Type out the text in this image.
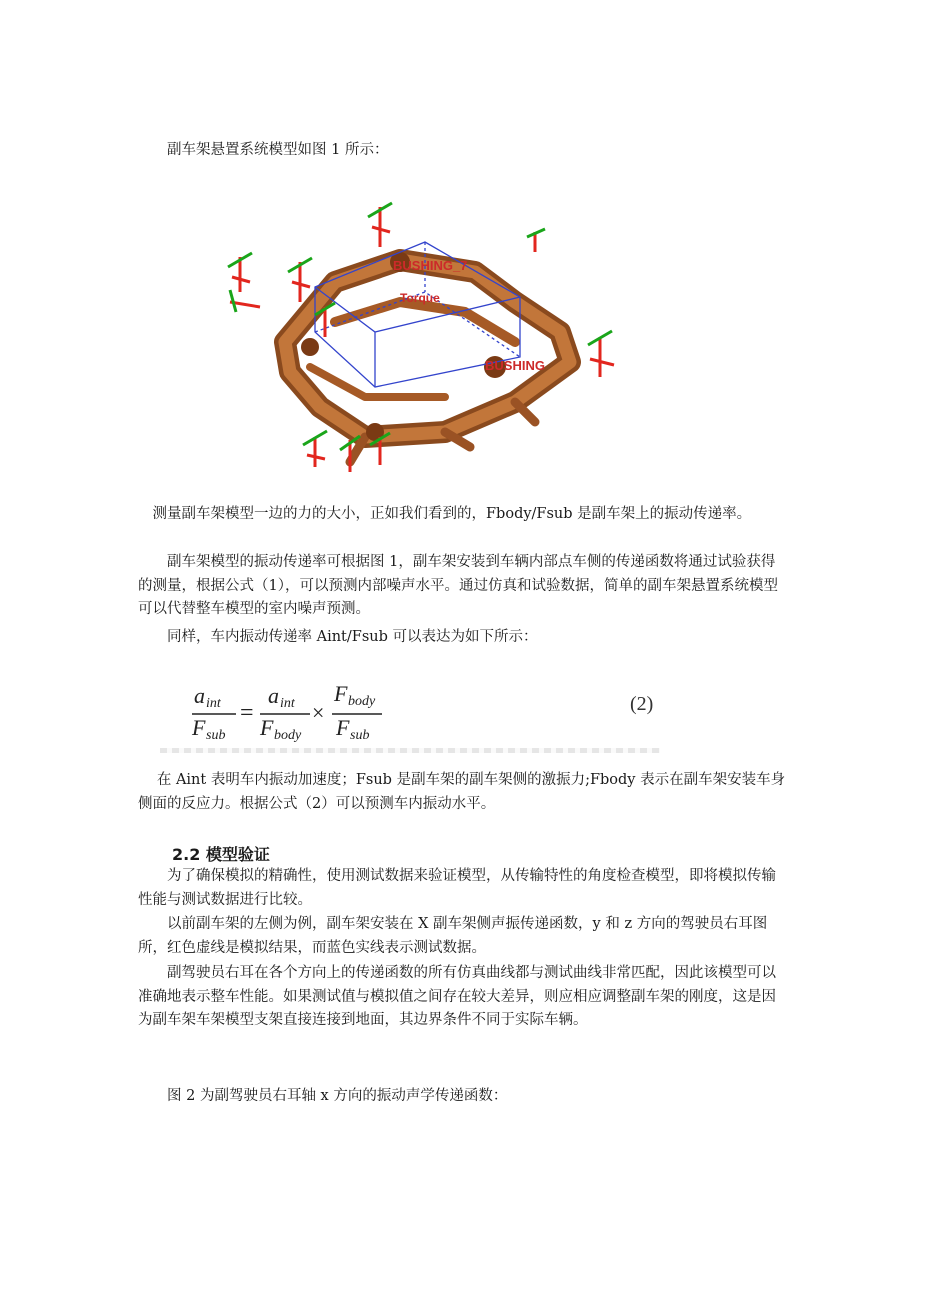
副车架悬置系统模型如图 1 所示：

BUSHING_7
Torque
BUSHING

测量副车架模型一边的力的大小，正如我们看到的，Fbody/Fsub 是副车架上的振动传递率。

副车架模型的振动传递率可根据图 1，副车架安装到车辆内部点车侧的传递函数将通过试验获得的测量，根据公式（1），可以预测内部噪声水平。通过仿真和试验数据，简单的副车架悬置系统模型可以代替整车模型的室内噪声预测。

同样，车内振动传递率 Aint/Fsub 可以表达为如下所示：

a int
F sub
=
a int
F body
×
F body
F sub
(2)

在 Aint 表明车内振动加速度；Fsub 是副车架的副车架侧的激振力;Fbody 表示在副车架安装车身侧面的反应力。根据公式（2）可以预测车内振动水平。

2.2 模型验证

为了确保模拟的精确性，使用测试数据来验证模型，从传输特性的角度检查模型，即将模拟传输性能与测试数据进行比较。

以前副车架的左侧为例，副车架安装在 X 副车架侧声振传递函数，y 和 z 方向的驾驶员右耳图所，红色虚线是模拟结果，而蓝色实线表示测试数据。

副驾驶员右耳在各个方向上的传递函数的所有仿真曲线都与测试曲线非常匹配，因此该模型可以准确地表示整车性能。如果测试值与模拟值之间存在较大差异，则应相应调整副车架的刚度，这是因为副车架车架模型支架直接连接到地面，其边界条件不同于实际车辆。

图 2 为副驾驶员右耳轴 x 方向的振动声学传递函数：
